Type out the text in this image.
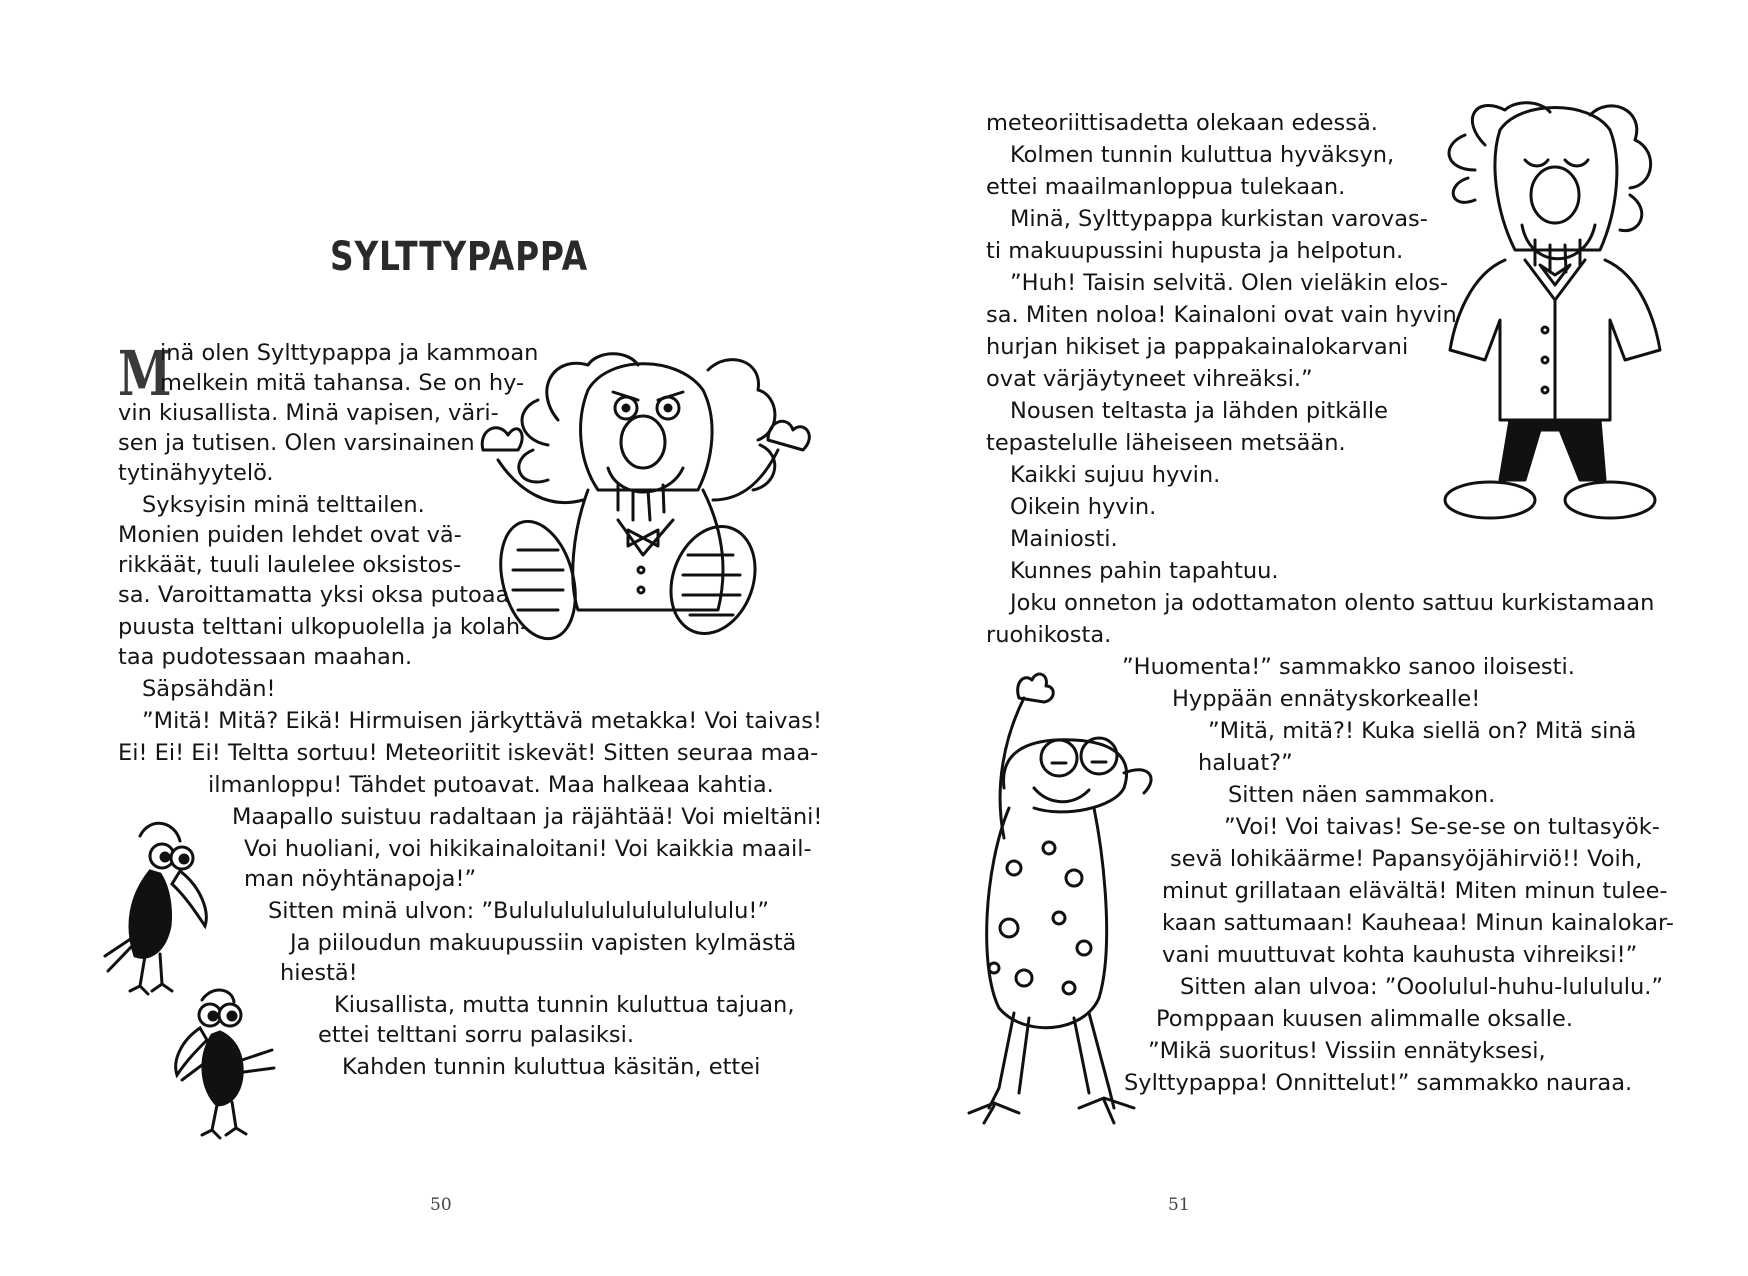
SYLTTYPAPPA
M
inä olen Sylttypappa ja kammoan
melkein mitä tahansa. Se on hy-
vin kiusallista. Minä vapisen, väri-
sen ja tutisen. Olen varsinainen
tytinähyytelö.
Syksyisin minä telttailen.
Monien puiden lehdet ovat vä-
rikkäät, tuuli laulelee oksistos-
sa. Varoittamatta yksi oksa putoaa
puusta telttani ulkopuolella ja kolah-
taa pudotessaan maahan.
Säpsähdän!
”Mitä! Mitä? Eikä! Hirmuisen järkyttävä metakka! Voi taivas!
Ei! Ei! Ei! Teltta sortuu! Meteoriitit iskevät! Sitten seuraa maa-
ilmanloppu! Tähdet putoavat. Maa halkeaa kahtia.
Maapallo suistuu radaltaan ja räjähtää! Voi mieltäni!
Voi huoliani, voi hikikainaloitani! Voi kaikkia maail-
man nöyhtänapoja!”
Sitten minä ulvon: ”Bulululululululululululu!”
Ja piiloudun makuupussiin vapisten kylmästä
hiestä!
Kiusallista, mutta tunnin kuluttua tajuan,
ettei telttani sorru palasiksi.
Kahden tunnin kuluttua käsitän, ettei
50
meteoriittisadetta olekaan edessä.
Kolmen tunnin kuluttua hyväksyn,
ettei maailmanloppua tulekaan.
Minä, Sylttypappa kurkistan varovas-
ti makuupussini hupusta ja helpotun.
”Huh! Taisin selvitä. Olen vieläkin elos-
sa. Miten noloa! Kainaloni ovat vain hyvin
hurjan hikiset ja pappakainalokarvani
ovat värjäytyneet vihreäksi.”
Nousen teltasta ja lähden pitkälle
tepastelulle läheiseen metsään.
Kaikki sujuu hyvin.
Oikein hyvin.
Mainiosti.
Kunnes pahin tapahtuu.
Joku onneton ja odottamaton olento sattuu kurkistamaan
ruohikosta.
”Huomenta!” sammakko sanoo iloisesti.
Hyppään ennätyskorkealle!
”Mitä, mitä?! Kuka siellä on? Mitä sinä
haluat?”
Sitten näen sammakon.
”Voi! Voi taivas! Se-se-se on tultasyök-
sevä lohikäärme! Papansyöjähirviö!! Voih,
minut grillataan elävältä! Miten minun tulee-
kaan sattumaan! Kauheaa! Minun kainalokar-
vani muuttuvat kohta kauhusta vihreiksi!”
Sitten alan ulvoa: ”Ooolulul-huhu-lulululu.”
Pomppaan kuusen alimmalle oksalle.
”Mikä suoritus! Vissiin ennätyksesi,
Sylttypappa! Onnittelut!” sammakko nauraa.
51
